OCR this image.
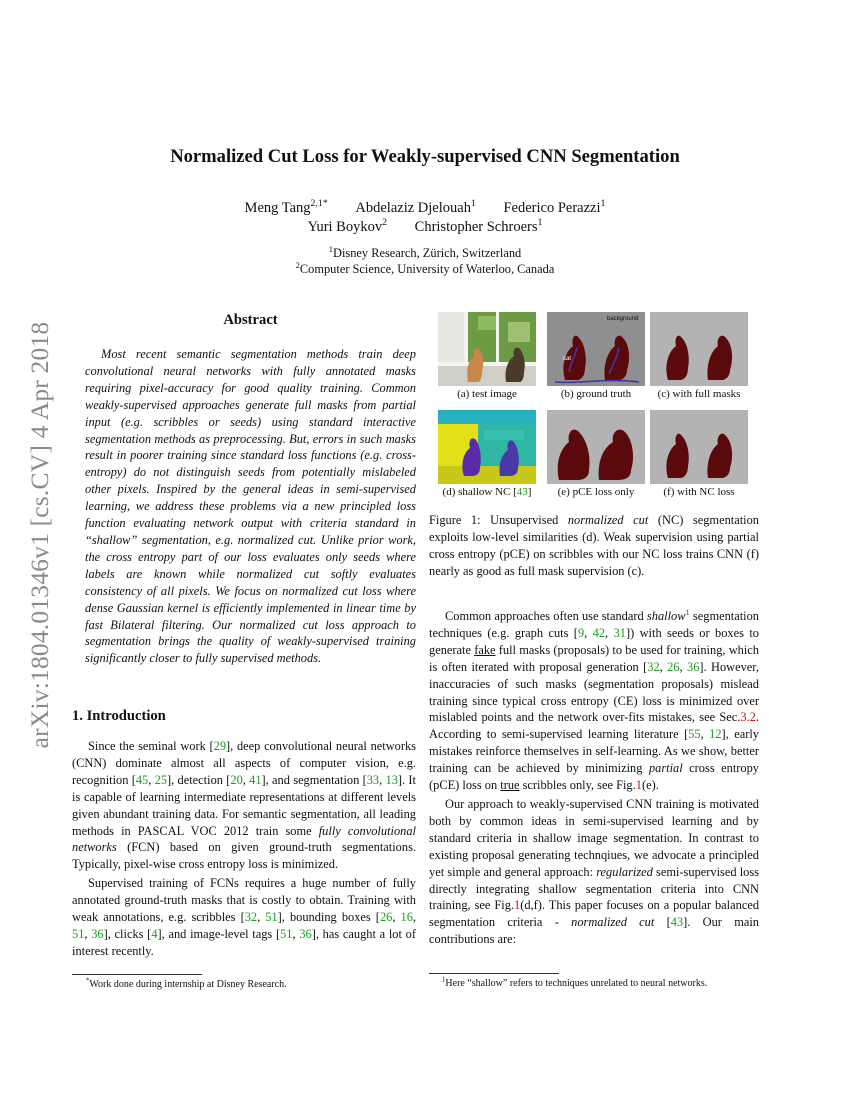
Normalized Cut Loss for Weakly-supervised CNN Segmentation
Meng Tang$^{2,1*}$ Abdelaziz Djelouah$^1$ Federico Perazzi$^1$
Yuri Boykov$^2$ Christopher Schroers$^1$
$^1$Disney Research, Zürich, Switzerland
$^2$Computer Science, University of Waterloo, Canada
arXiv:1804.01346v1 [cs.CV] 4 Apr 2018
Abstract

Most recent semantic segmentation methods train deep convolutional neural networks with fully annotated masks requiring pixel-accuracy for good quality training. Common weakly-supervised approaches generate full masks from partial input (e.g. scribbles or seeds) using standard interactive segmentation methods as preprocessing. But, errors in such masks result in poorer training since standard loss functions (e.g. cross-entropy) do not distinguish seeds from potentially mislabeled other pixels. Inspired by the general ideas in semi-supervised learning, we address these problems via a new principled loss function evaluating network output with criteria standard in “shallow” segmentation, e.g. normalized cut. Unlike prior work, the cross entropy part of our loss evaluates only seeds where labels are known while normalized cut softly evaluates consistency of all pixels. We focus on normalized cut loss where dense Gaussian kernel is efficiently implemented in linear time by fast Bilateral filtering. Our normalized cut loss approach to segmentation brings the quality of weakly-supervised training significantly closer to fully supervised methods.

1. Introduction

Since the seminal work [29], deep convolutional neural networks (CNN) dominate almost all aspects of computer vision, e.g. recognition [45, 25], detection [20, 41], and segmentation [33, 13]. It is capable of learning intermediate representations at different levels given abundant training data. For semantic segmentation, all leading methods in PASCAL VOC 2012 train some fully convolutional networks (FCN) based on given ground-truth segmentations. Typically, pixel-wise cross entropy loss is minimized.

Supervised training of FCNs requires a huge number of fully annotated ground-truth masks that is costly to obtain. Training with weak annotations, e.g. scribbles [32, 51], bounding boxes [26, 16, 51, 36], clicks [4], and image-level tags [51, 36], has caught a lot of interest recently.

*Work done during internship at Disney Research.
(a) test image
background
cat
(b) ground truth	(c) with full masks
(d) shallow NC [43]	(e) pCE loss only	(f) with NC loss
Figure 1: Unsupervised normalized cut (NC) segmentation exploits low-level similarities (d). Weak supervision using partial cross entropy (pCE) on scribbles with our NC loss trains CNN (f) nearly as good as full mask supervision (c).

Common approaches often use standard shallow$^1$ segmentation techniques (e.g. graph cuts [9, 42, 31]) with seeds or boxes to generate fake full masks (proposals) to be used for training, which is often iterated with proposal generation [32, 26, 36]. However, inaccuracies of such masks (segmentation proposals) mislead training since typical cross entropy (CE) loss is minimized over mislabled points and the network over-fits mistakes, see Sec.3.2. According to semi-supervised learning literature [55, 12], early mistakes reinforce themselves in self-learning. As we show, better training can be achieved by minimizing partial cross entropy (pCE) loss on true scribbles only, see Fig.1(e).

Our approach to weakly-supervised CNN training is motivated both by common ideas in semi-supervised learning and by standard criteria in shallow image segmentation. In contrast to existing proposal generating technqiues, we advocate a principled yet simple and general approach: regularized semi-supervised loss directly integrating shallow segmentation criteria into CNN training, see Fig.1(d,f). This paper focuses on a popular balanced segmentation criteria - normalized cut [43]. Our main contributions are:

$^1$Here “shallow” refers to techniques unrelated to neural networks.
